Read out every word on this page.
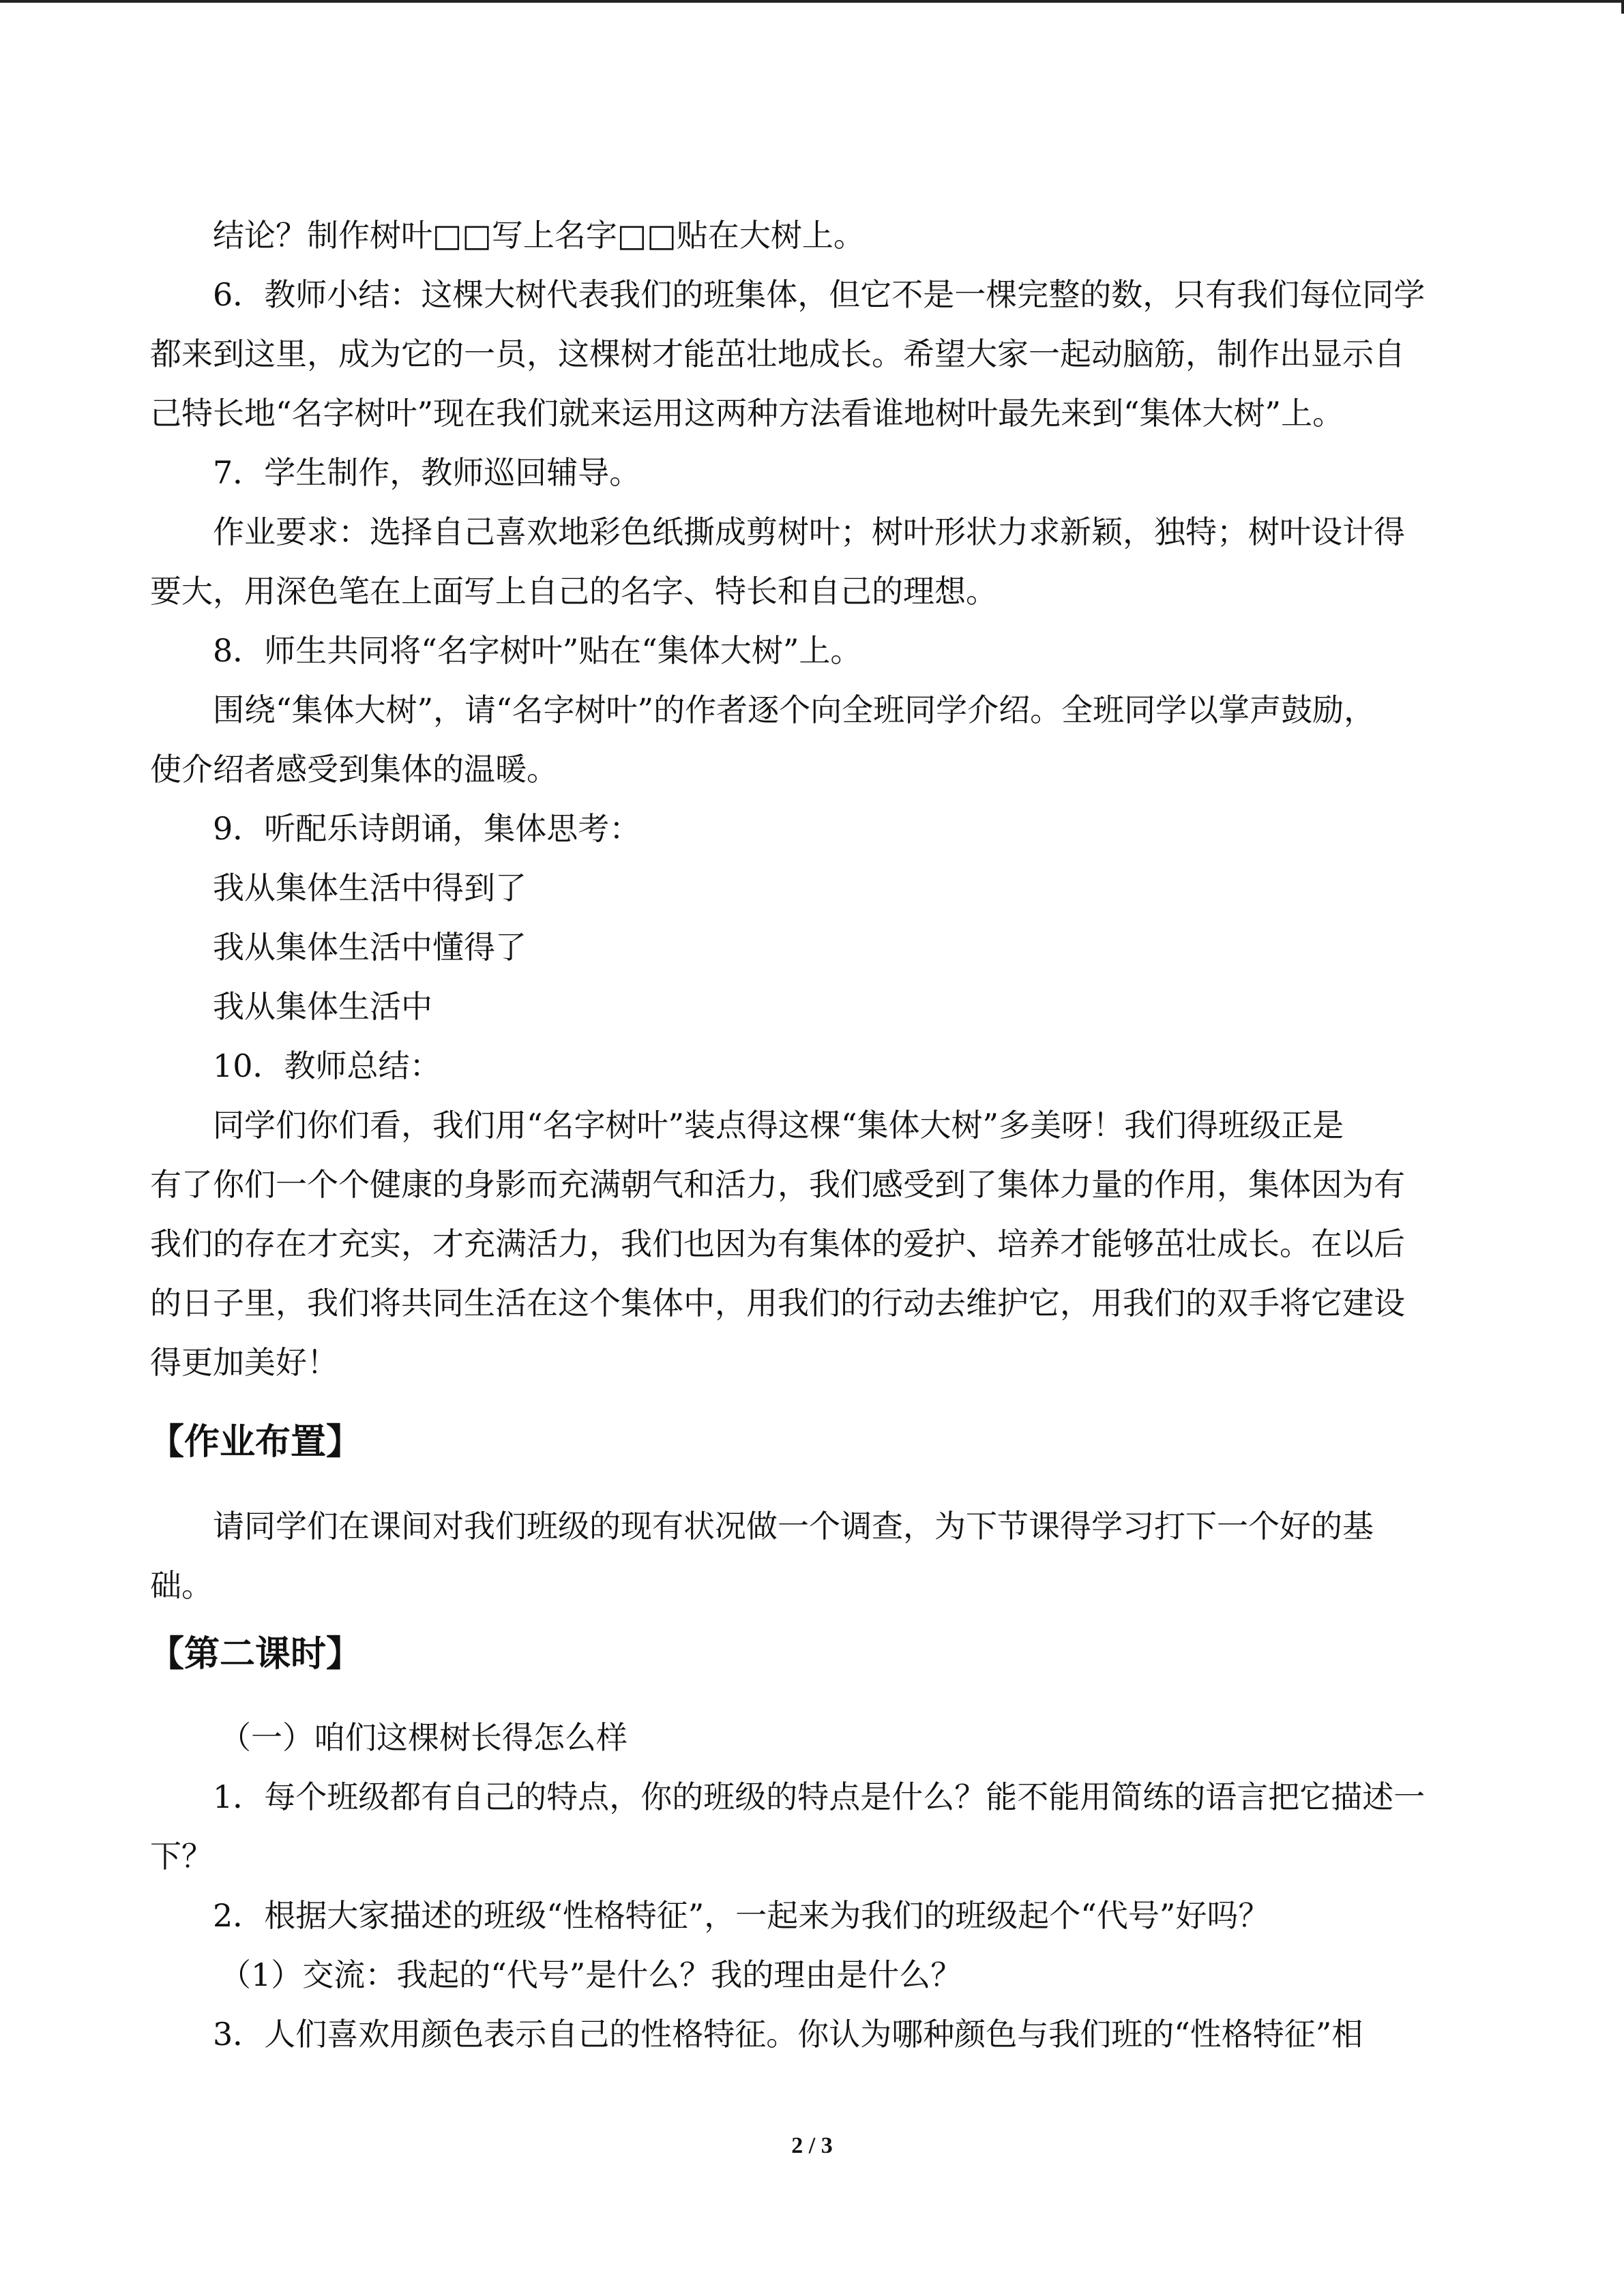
结论？制作树叶□□写上名字□□贴在大树上。
6．教师小结：这棵大树代表我们的班集体，但它不是一棵完整的数，只有我们每位同学
都来到这里，成为它的一员，这棵树才能茁壮地成长。希望大家一起动脑筋，制作出显示自
己特长地“名字树叶”现在我们就来运用这两种方法看谁地树叶最先来到“集体大树”上。
7．学生制作，教师巡回辅导。
作业要求：选择自己喜欢地彩色纸撕成剪树叶；树叶形状力求新颖，独特；树叶设计得
要大，用深色笔在上面写上自己的名字、特长和自己的理想。
8．师生共同将“名字树叶”贴在“集体大树”上。
围绕“集体大树”，请“名字树叶”的作者逐个向全班同学介绍。全班同学以掌声鼓励，
使介绍者感受到集体的温暖。
9．听配乐诗朗诵，集体思考：
我从集体生活中得到了
我从集体生活中懂得了
我从集体生活中
10．教师总结：
同学们你们看，我们用“名字树叶”装点得这棵“集体大树”多美呀！我们得班级正是
有了你们一个个健康的身影而充满朝气和活力，我们感受到了集体力量的作用，集体因为有
我们的存在才充实，才充满活力，我们也因为有集体的爱护、培养才能够茁壮成长。在以后
的日子里，我们将共同生活在这个集体中，用我们的行动去维护它，用我们的双手将它建设
得更加美好！
【作业布置】
请同学们在课间对我们班级的现有状况做一个调查，为下节课得学习打下一个好的基
础。
【第二课时】
（一）咱们这棵树长得怎么样
1．每个班级都有自己的特点，你的班级的特点是什么？能不能用简练的语言把它描述一
下？
2．根据大家描述的班级“性格特征”，一起来为我们的班级起个“代号”好吗？
（1）交流：我起的“代号”是什么？我的理由是什么？
3．人们喜欢用颜色表示自己的性格特征。你认为哪种颜色与我们班的“性格特征”相
2 / 3
